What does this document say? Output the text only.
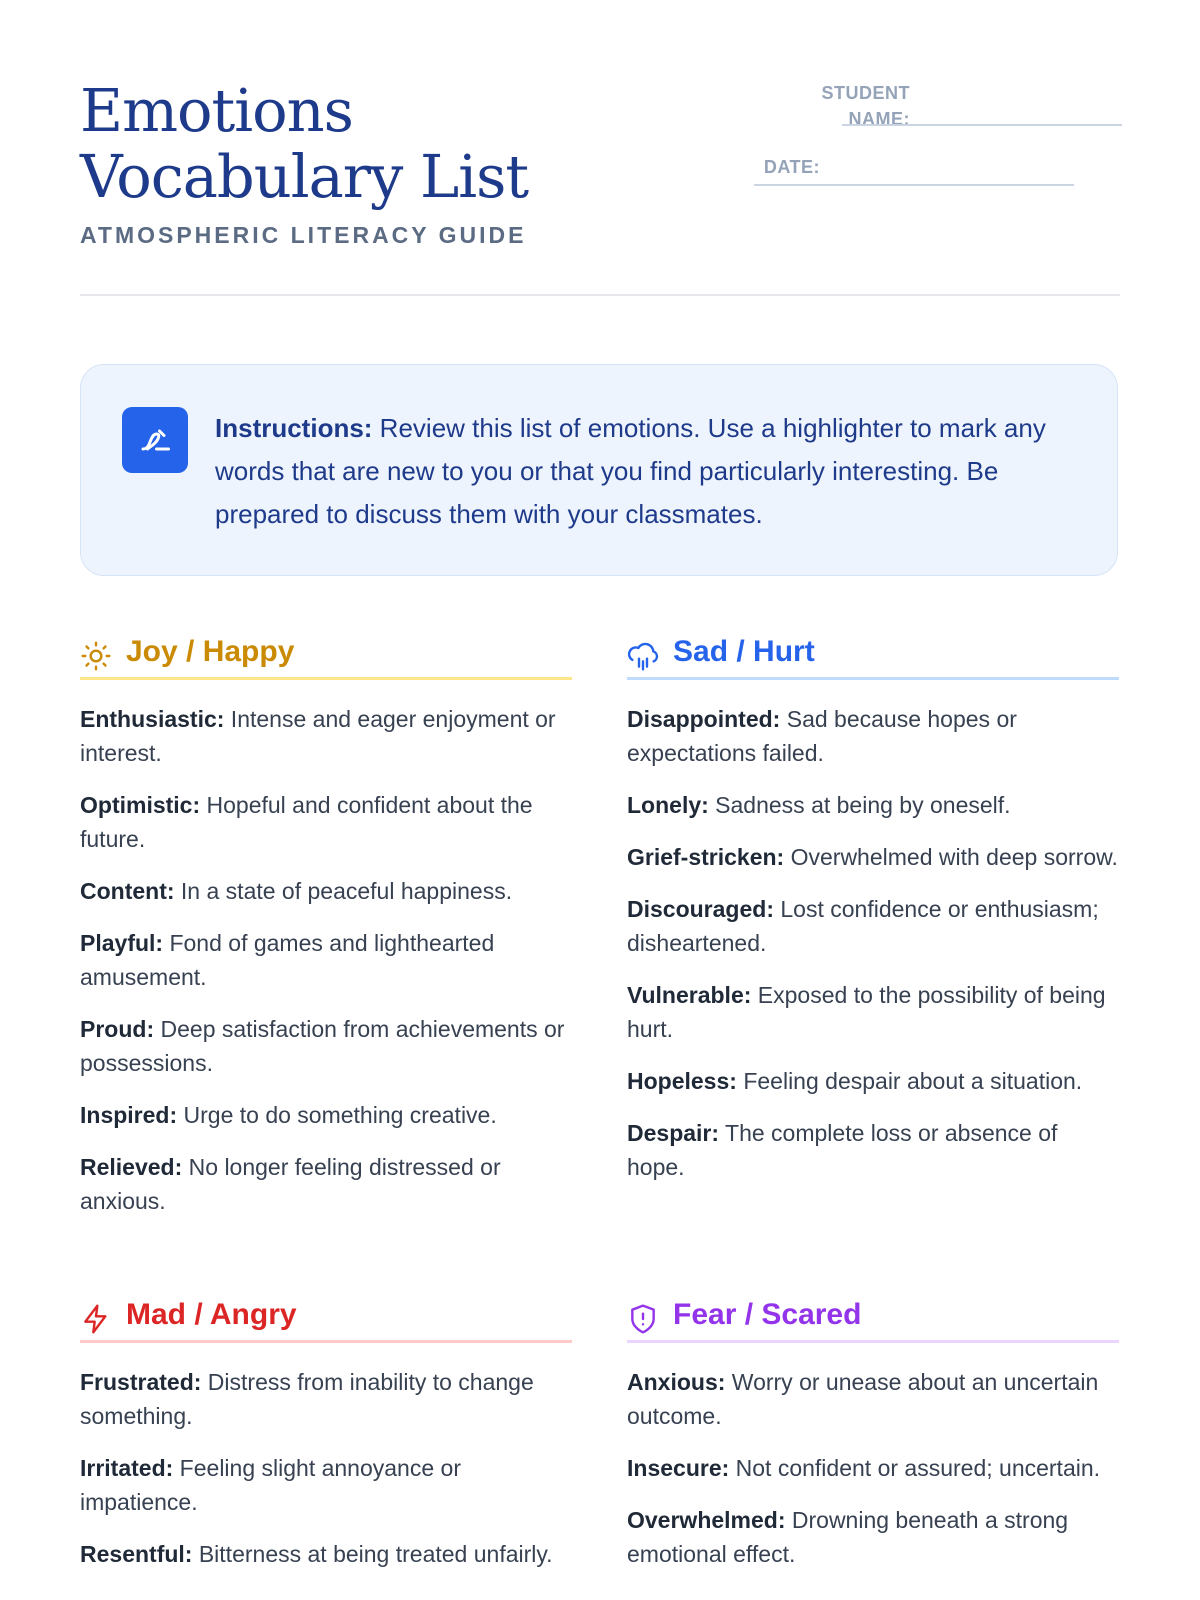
Emotions Vocabulary List
ATMOSPHERIC LITERACY GUIDE
STUDENT
NAME:
DATE:
Instructions: Review this list of emotions. Use a highlighter to mark any words that are new to you or that you find particularly interesting. Be prepared to discuss them with your classmates.
Joy / Happy
Enthusiastic: Intense and eager enjoyment or interest.
Optimistic: Hopeful and confident about the future.
Content: In a state of peaceful happiness.
Playful: Fond of games and lighthearted amusement.
Proud: Deep satisfaction from achievements or possessions.
Inspired: Urge to do something creative.
Relieved: No longer feeling distressed or anxious.
Sad / Hurt
Disappointed: Sad because hopes or expectations failed.
Lonely: Sadness at being by oneself.
Grief-stricken: Overwhelmed with deep sorrow.
Discouraged: Lost confidence or enthusiasm; disheartened.
Vulnerable: Exposed to the possibility of being hurt.
Hopeless: Feeling despair about a situation.
Despair: The complete loss or absence of hope.
Mad / Angry
Frustrated: Distress from inability to change something.
Irritated: Feeling slight annoyance or impatience.
Resentful: Bitterness at being treated unfairly.
Fear / Scared
Anxious: Worry or unease about an uncertain outcome.
Insecure: Not confident or assured; uncertain.
Overwhelmed: Drowning beneath a strong emotional effect.
